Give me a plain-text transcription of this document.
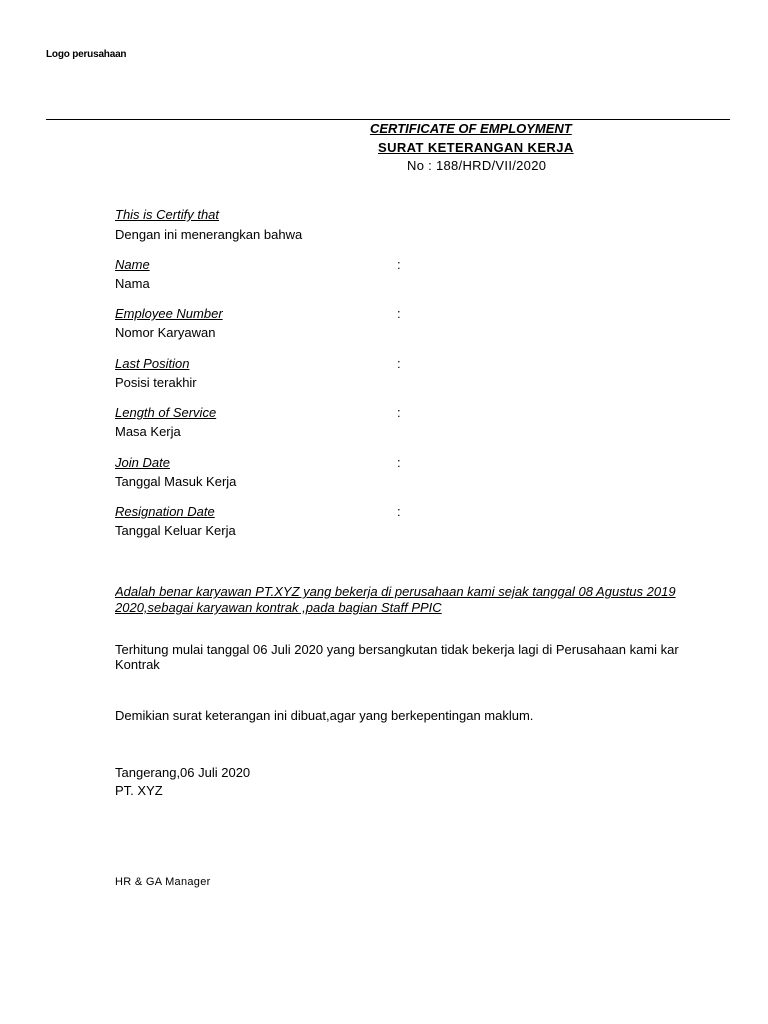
Logo perusahaan
CERTIFICATE OF EMPLOYMENT
SURAT KETERANGAN KERJA
No : 188/HRD/VII/2020
This is Certify that
Dengan ini menerangkan bahwa
Name
Nama
:
Employee Number
Nomor Karyawan
:
Last Position
Posisi terakhir
:
Length of Service
Masa Kerja
:
Join Date
Tanggal Masuk Kerja
:
Resignation Date
Tanggal Keluar Kerja
:
Adalah benar karyawan PT.XYZ yang bekerja di perusahaan kami sejak tanggal 08 Agustus 2019
2020,sebagai karyawan kontrak ,pada bagian Staff PPIC
Terhitung mulai tanggal 06 Juli 2020 yang bersangkutan tidak bekerja lagi di Perusahaan kami kar
Kontrak
Demikian surat keterangan ini dibuat,agar yang berkepentingan maklum.
Tangerang,06 Juli 2020
PT. XYZ
HR & GA Manager
